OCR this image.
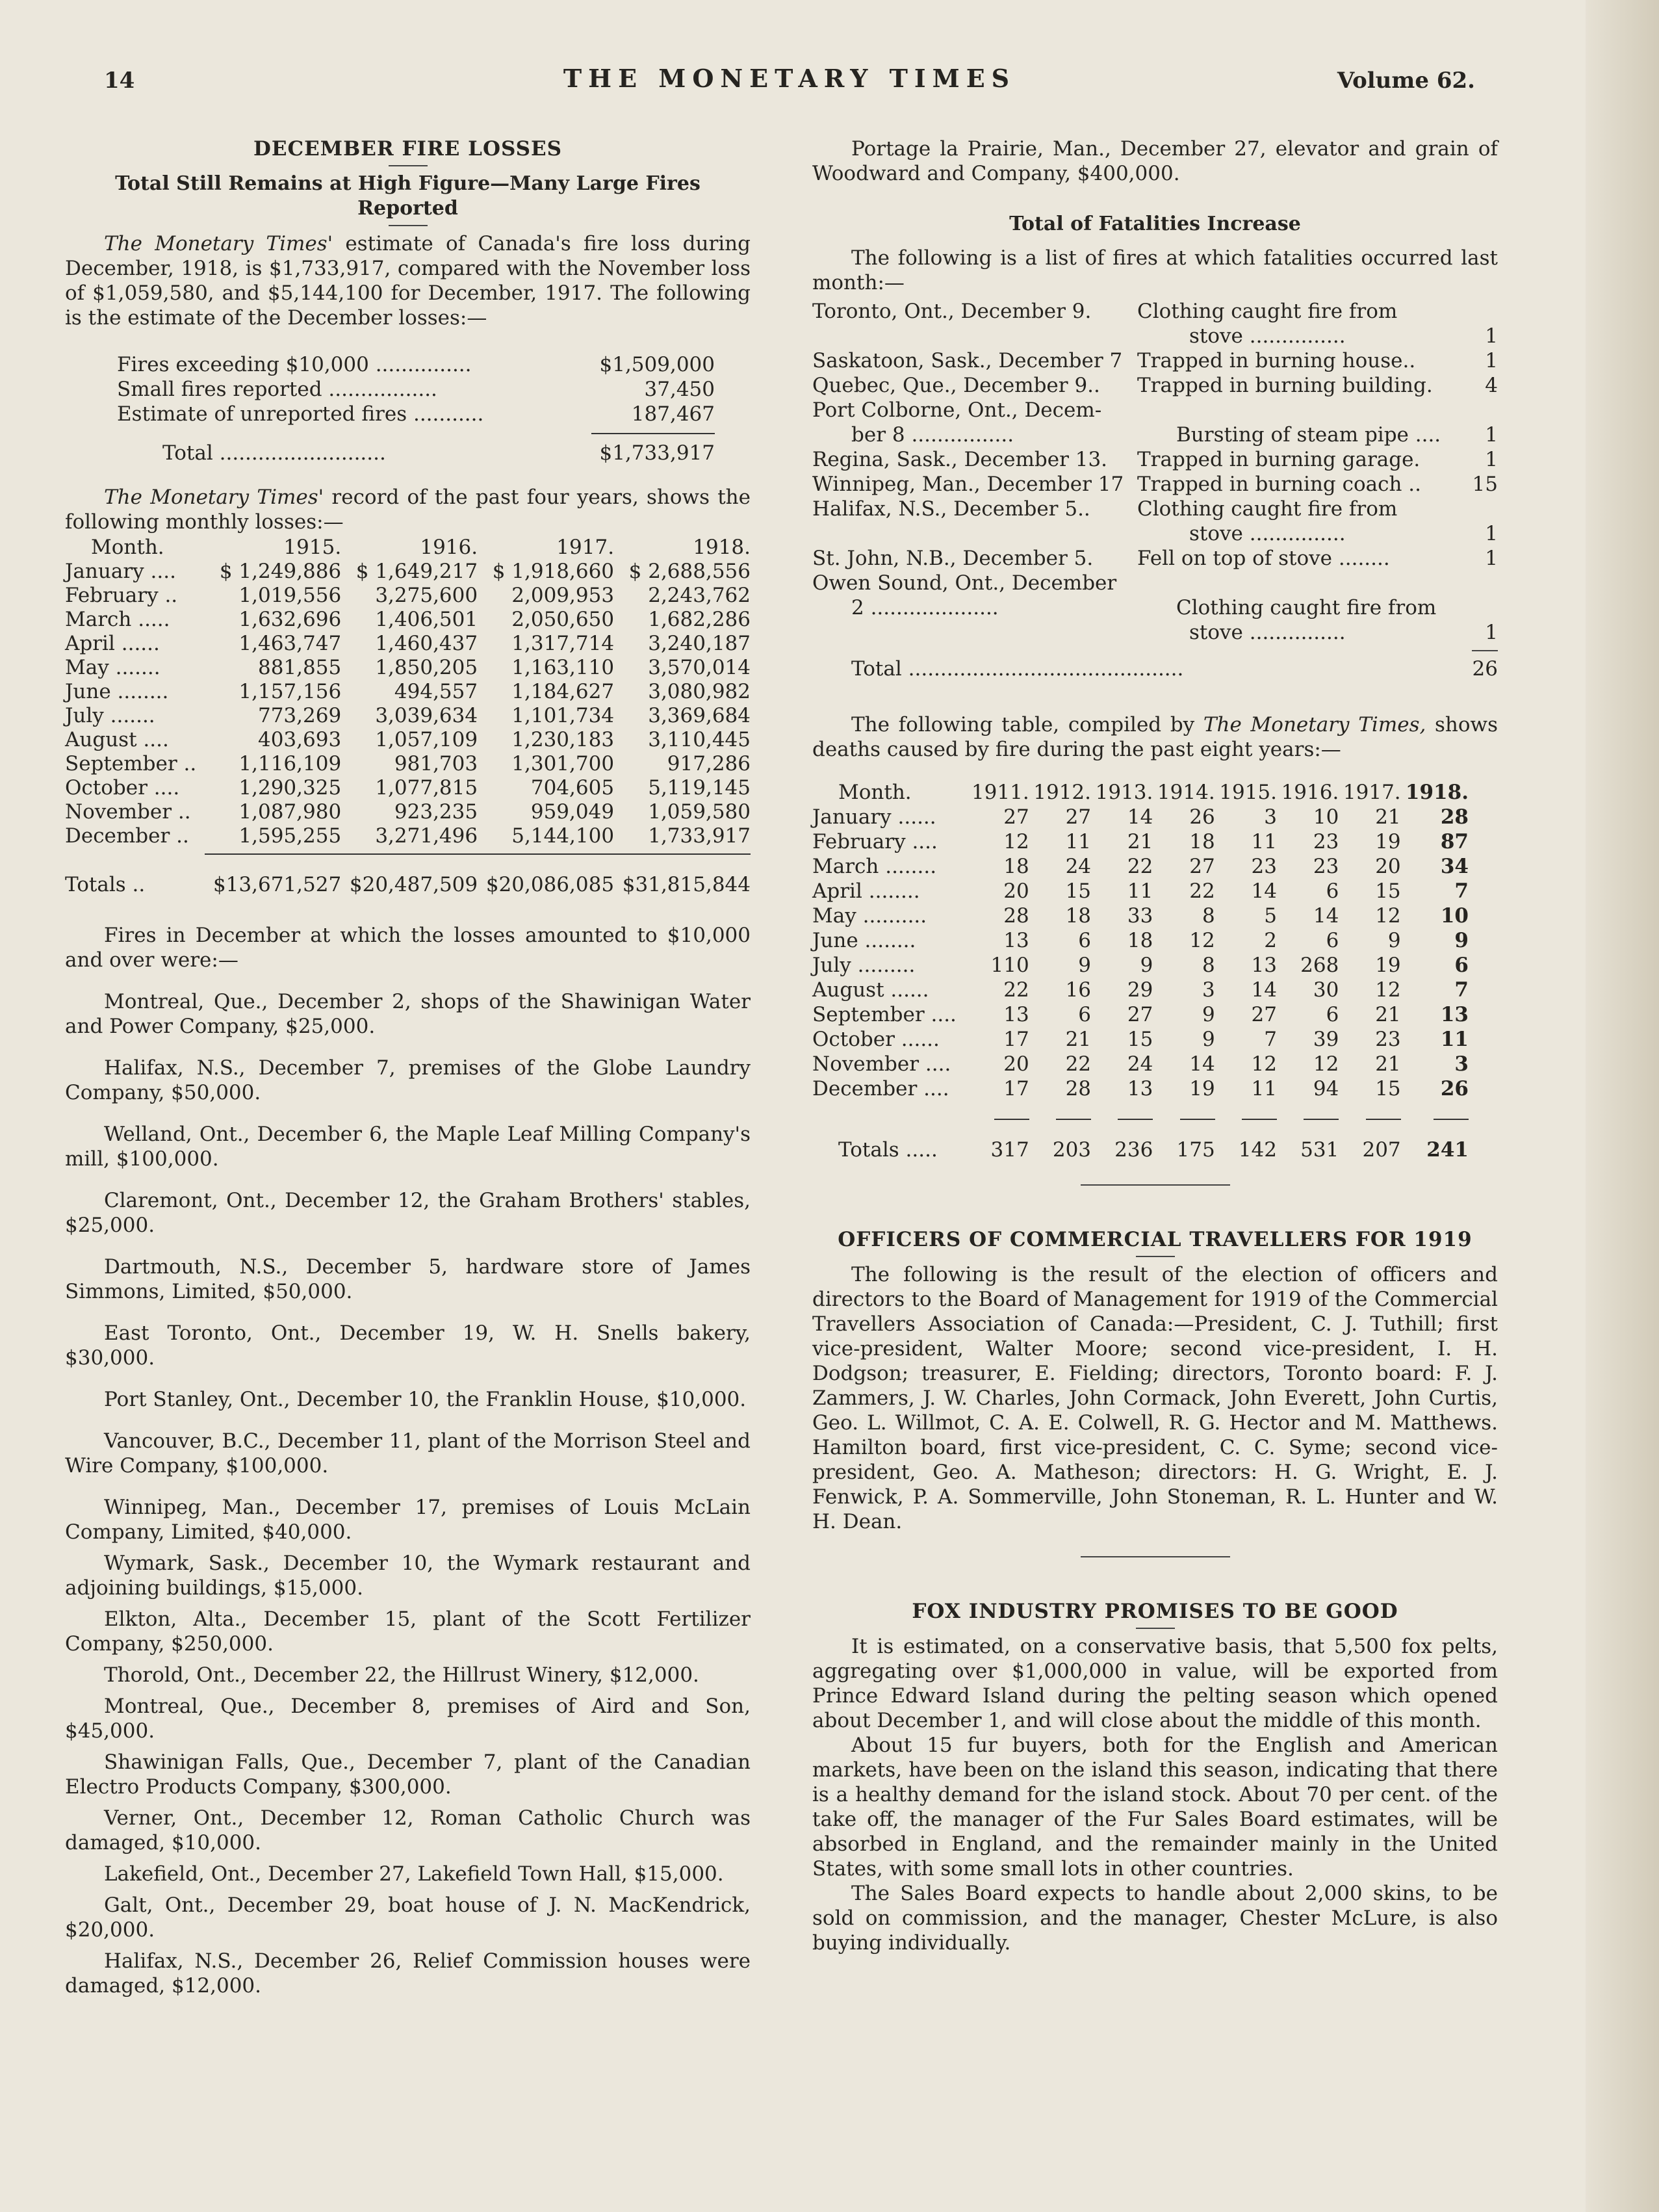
14	THE MONETARY TIMES	Volume 62.
DECEMBER FIRE LOSSES
Total Still Remains at High Figure—Many Large Fires Reported

The Monetary Times' estimate of Canada's fire loss during December, 1918, is $1,733,917, compared with the November loss of $1,059,580, and $5,144,100 for December, 1917. The following is the estimate of the December losses:—

Fires exceeding $10,000 ...............	$1,509,000
Small fires reported .................	37,450
Estimate of unreported fires ...........	187,467
Total ..........................	$1,733,917

The Monetary Times' record of the past four years, shows the following monthly losses:—

Month.	1915.	1916.	1917.	1918.
January ....	$ 1,249,886	$ 1,649,217	$ 1,918,660	$ 2,688,556
February ..	1,019,556	3,275,600	2,009,953	2,243,762
March .....	1,632,696	1,406,501	2,050,650	1,682,286
April ......	1,463,747	1,460,437	1,317,714	3,240,187
May .......	881,855	1,850,205	1,163,110	3,570,014
June ........	1,157,156	494,557	1,184,627	3,080,982
July .......	773,269	3,039,634	1,101,734	3,369,684
August ....	403,693	1,057,109	1,230,183	3,110,445
September ..	1,116,109	981,703	1,301,700	917,286
October ....	1,290,325	1,077,815	704,605	5,119,145
November ..	1,087,980	923,235	959,049	1,059,580
December ..	1,595,255	3,271,496	5,144,100	1,733,917

Totals ..	$13,671,527	$20,487,509	$20,086,085	$31,815,844

Fires in December at which the losses amounted to $10,000 and over were:—

Montreal, Que., December 2, shops of the Shawinigan Water and Power Company, $25,000.

Halifax, N.S., December 7, premises of the Globe Laundry Company, $50,000.

Welland, Ont., December 6, the Maple Leaf Milling Company's mill, $100,000.

Claremont, Ont., December 12, the Graham Brothers' stables, $25,000.

Dartmouth, N.S., December 5, hardware store of James Simmons, Limited, $50,000.

East Toronto, Ont., December 19, W. H. Snells bakery, $30,000.

Port Stanley, Ont., December 10, the Franklin House, $10,000.

Vancouver, B.C., December 11, plant of the Morrison Steel and Wire Company, $100,000.

Winnipeg, Man., December 17, premises of Louis McLain Company, Limited, $40,000.

Wymark, Sask., December 10, the Wymark restaurant and adjoining buildings, $15,000.

Elkton, Alta., December 15, plant of the Scott Fertilizer Company, $250,000.

Thorold, Ont., December 22, the Hillrust Winery, $12,000.

Montreal, Que., December 8, premises of Aird and Son, $45,000.

Shawinigan Falls, Que., December 7, plant of the Canadian Electro Products Company, $300,000.

Verner, Ont., December 12, Roman Catholic Church was damaged, $10,000.

Lakefield, Ont., December 27, Lakefield Town Hall, $15,000.

Galt, Ont., December 29, boat house of J. N. MacKendrick, $20,000.

Halifax, N.S., December 26, Relief Commission houses were damaged, $12,000.

Portage la Prairie, Man., December 27, elevator and grain of Woodward and Company, $400,000.

Total of Fatalities Increase

The following is a list of fires at which fatalities occurred last month:—

Toronto, Ont., December 9.	Clothing caught fire from
stove ...............	1
Saskatoon, Sask., December 7 Trapped in burning house..	1
Quebec, Que., December 9..	Trapped in burning building.	4
Port Colborne, Ont., Decem-
ber 8 ................	Bursting of steam pipe ....	1
Regina, Sask., December 13.	Trapped in burning garage.	1
Winnipeg, Man., December 17 Trapped in burning coach ..	15
Halifax, N.S., December 5..	Clothing caught fire from
stove ...............	1
St. John, N.B., December 5.	Fell on top of stove ........	1
Owen Sound, Ont., December
2 ....................	Clothing caught fire from
stove ...............	1
Total ...........................................	26

The following table, compiled by The Monetary Times, shows deaths caused by fire during the past eight years:—

Month.	1911.	1912.	1913.	1914.	1915.	1916.	1917.	1918.
January ......	27	27	14	26	3	10	21	28
February ....	12	11	21	18	11	23	19	87
March ........	18	24	22	27	23	23	20	34
April ........	20	15	11	22	14	6	15	7
May ..........	28	18	33	8	5	14	12	10
June ........	13	6	18	12	2	6	9	9
July .........	110	9	9	8	13	268	19	6
August ......	22	16	29	3	14	30	12	7
September ....	13	6	27	9	27	6	21	13
October ......	17	21	15	9	7	39	23	11
November ....	20	22	24	14	12	12	21	3
December ....	17	28	13	19	11	94	15	26

Totals .....	317	203	236	175	142	531	207	241
OFFICERS OF COMMERCIAL TRAVELLERS FOR 1919

The following is the result of the election of officers and directors to the Board of Management for 1919 of the Commercial Travellers Association of Canada:—President, C. J. Tuthill; first vice-president, Walter Moore; second vice-president, I. H. Dodgson; treasurer, E. Fielding; directors, Toronto board: F. J. Zammers, J. W. Charles, John Cormack, John Everett, John Curtis, Geo. L. Willmot, C. A. E. Colwell, R. G. Hector and M. Matthews. Hamilton board, first vice-president, C. C. Syme; second vice-president, Geo. A. Matheson; directors: H. G. Wright, E. J. Fenwick, P. A. Sommerville, John Stoneman, R. L. Hunter and W. H. Dean.

FOX INDUSTRY PROMISES TO BE GOOD

It is estimated, on a conservative basis, that 5,500 fox pelts, aggregating over $1,000,000 in value, will be exported from Prince Edward Island during the pelting season which opened about December 1, and will close about the middle of this month.

About 15 fur buyers, both for the English and American markets, have been on the island this season, indicating that there is a healthy demand for the island stock. About 70 per cent. of the take off, the manager of the Fur Sales Board estimates, will be absorbed in England, and the remainder mainly in the United States, with some small lots in other countries.

The Sales Board expects to handle about 2,000 skins, to be sold on commission, and the manager, Chester McLure, is also buying individually.
